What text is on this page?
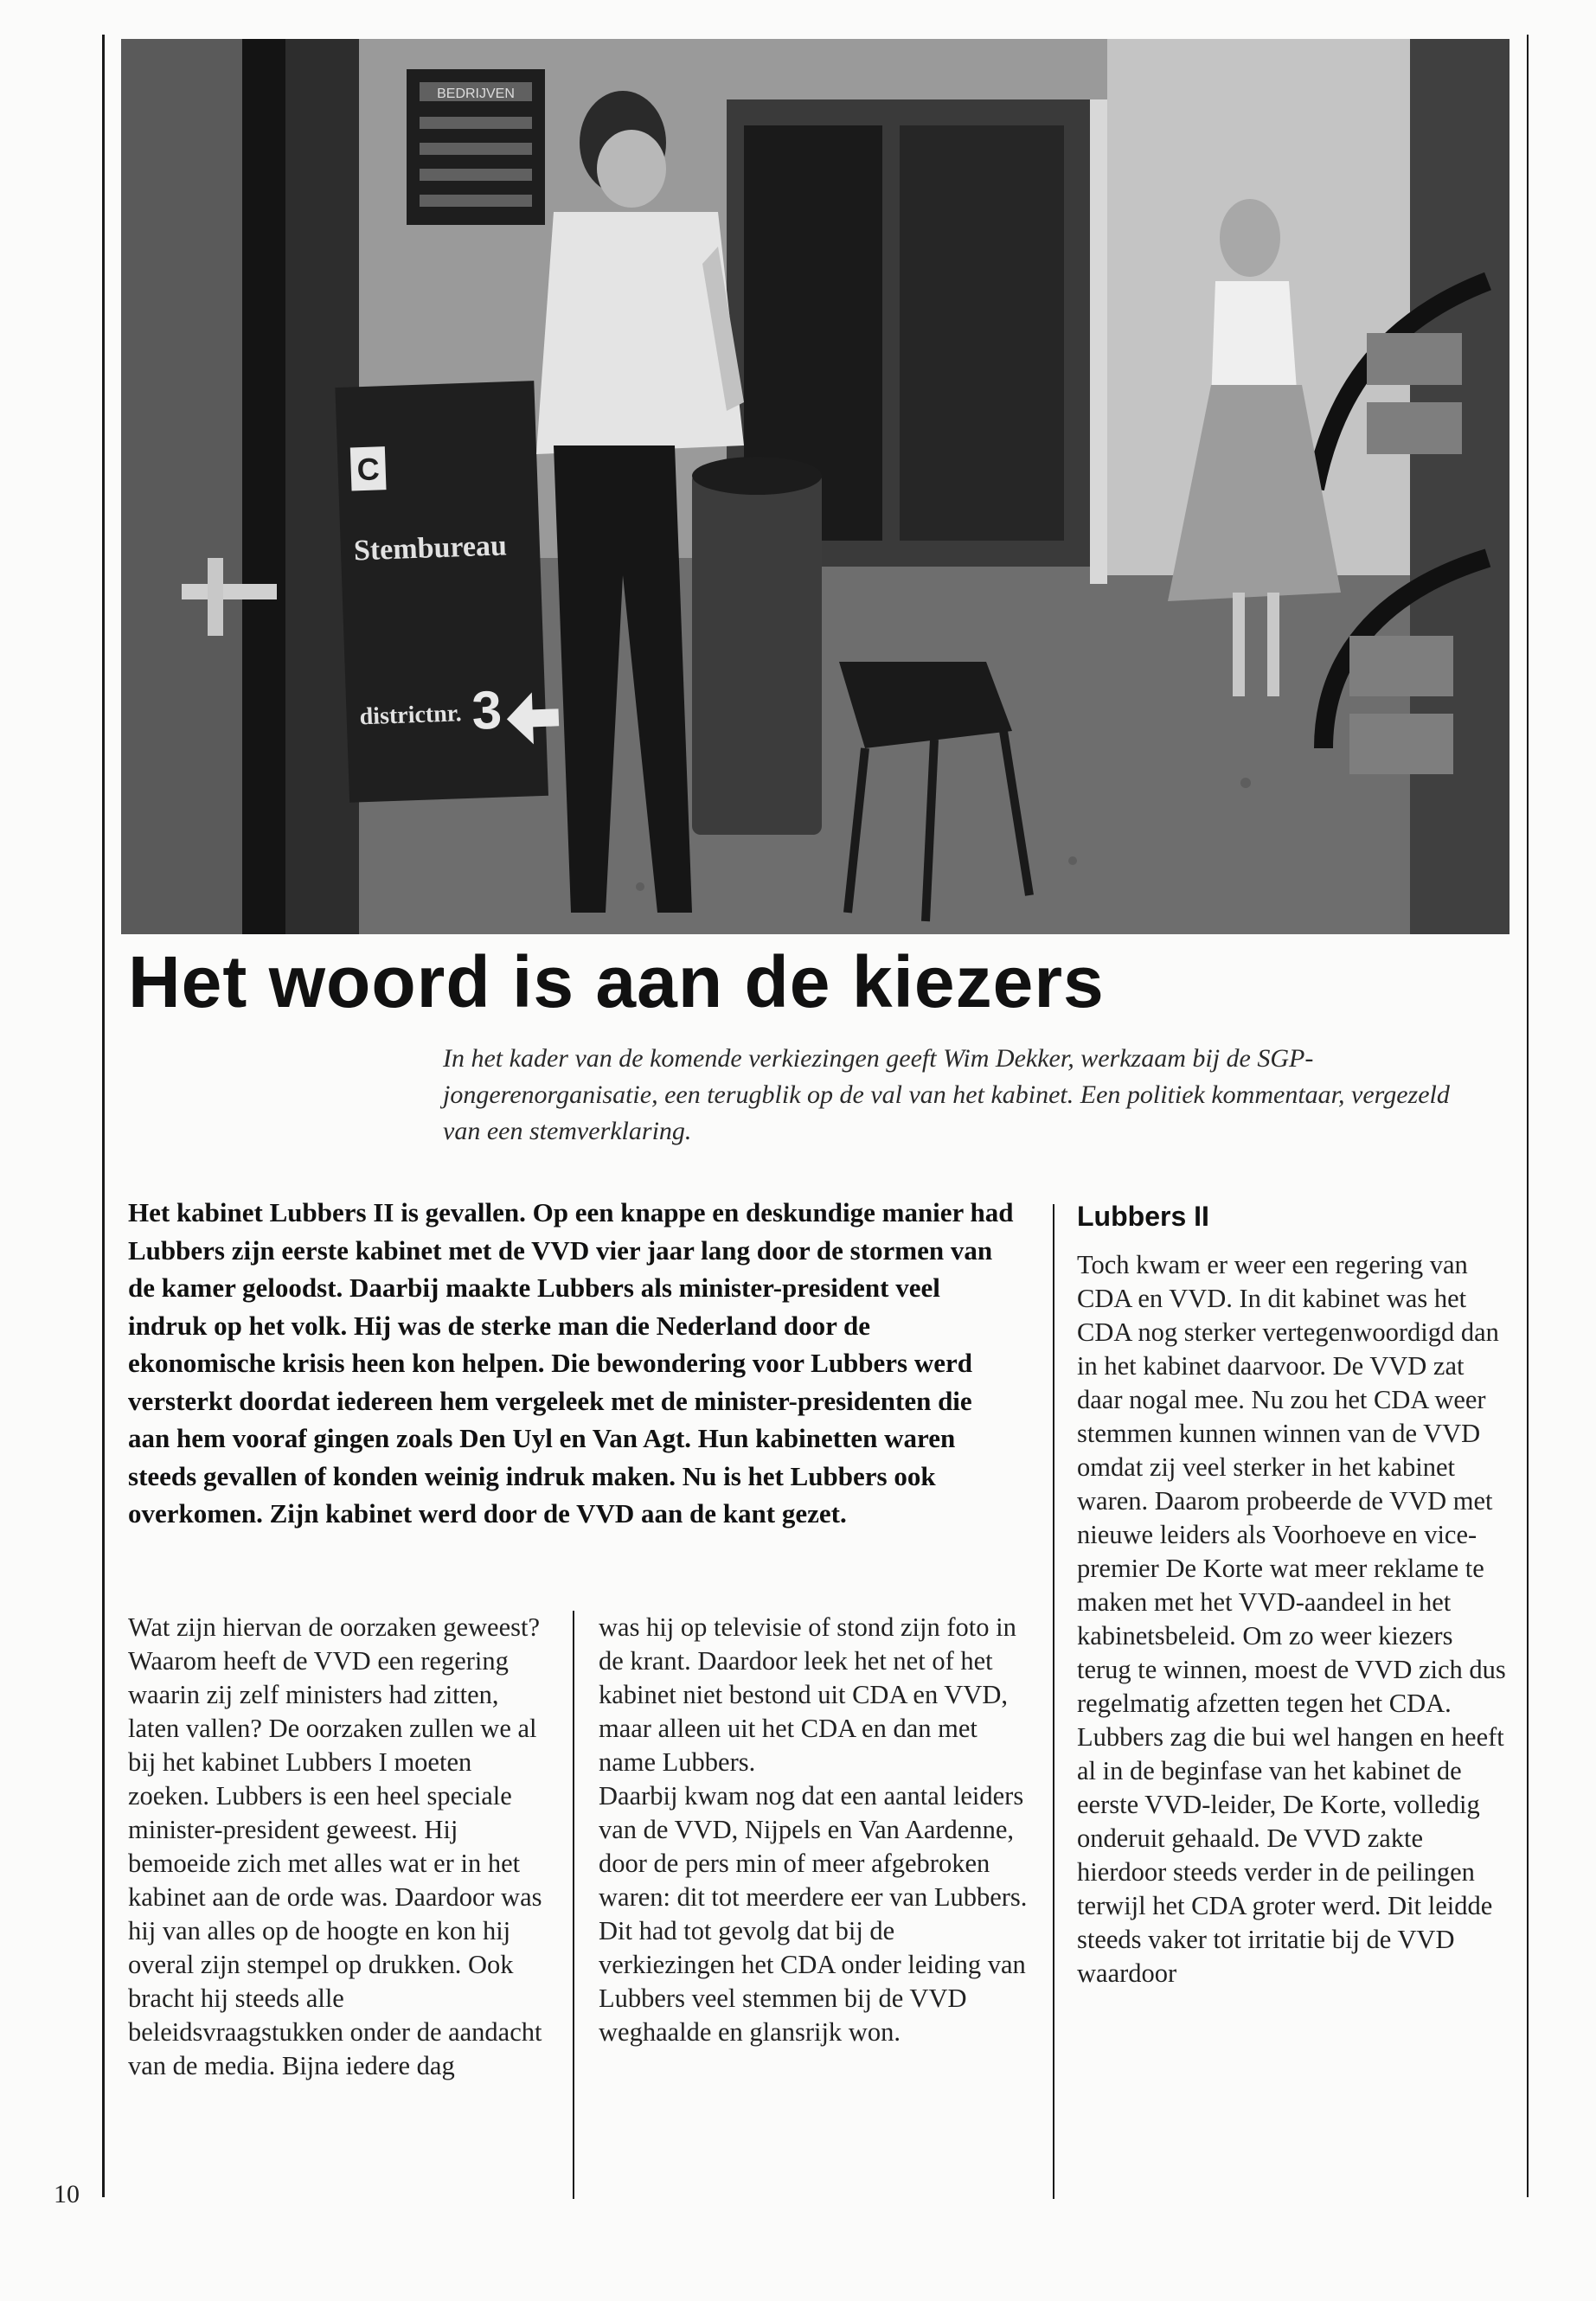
BEDRIJVEN
C
Stembureau
districtnr. 3
Het woord is aan de kiezers

In het kader van de komende verkiezingen geeft Wim Dekker, werkzaam bij de SGP-jongerenorganisatie, een terugblik op de val van het kabinet. Een politiek kommentaar, vergezeld van een stemverklaring.

Het kabinet Lubbers II is gevallen. Op een knappe en deskundige manier had Lubbers zijn eerste kabinet met de VVD vier jaar lang door de stormen van de kamer geloodst. Daarbij maakte Lubbers als minister-president veel indruk op het volk. Hij was de sterke man die Nederland door de ekonomische krisis heen kon helpen. Die bewondering voor Lubbers werd versterkt doordat iedereen hem vergeleek met de minister-presidenten die aan hem vooraf gingen zoals Den Uyl en Van Agt. Hun kabinetten waren steeds gevallen of konden weinig indruk maken. Nu is het Lubbers ook overkomen. Zijn kabinet werd door de VVD aan de kant gezet.

Wat zijn hiervan de oorzaken geweest? Waarom heeft de VVD een regering waarin zij zelf ministers had zitten, laten vallen? De oorzaken zullen we al bij het kabinet Lubbers I moeten zoeken. Lubbers is een heel speciale minister-president geweest. Hij bemoeide zich met alles wat er in het kabinet aan de orde was. Daardoor was hij van alles op de hoogte en kon hij overal zijn stempel op drukken. Ook bracht hij steeds alle beleidsvraagstukken onder de aandacht van de media. Bijna iedere dag

was hij op televisie of stond zijn foto in de krant. Daardoor leek het net of het kabinet niet bestond uit CDA en VVD, maar alleen uit het CDA en dan met name Lubbers.

Daarbij kwam nog dat een aantal leiders van de VVD, Nijpels en Van Aardenne, door de pers min of meer afgebroken waren: dit tot meerdere eer van Lubbers. Dit had tot gevolg dat bij de verkiezingen het CDA onder leiding van Lubbers veel stemmen bij de VVD weghaalde en glansrijk won.

Lubbers II

Toch kwam er weer een regering van CDA en VVD. In dit kabinet was het CDA nog sterker vertegenwoordigd dan in het kabinet daarvoor. De VVD zat daar nogal mee. Nu zou het CDA weer stemmen kunnen winnen van de VVD omdat zij veel sterker in het kabinet waren. Daarom probeerde de VVD met nieuwe leiders als Voorhoeve en vice-premier De Korte wat meer reklame te maken met het VVD-aandeel in het kabinetsbeleid. Om zo weer kiezers terug te winnen, moest de VVD zich dus regelmatig afzetten tegen het CDA. Lubbers zag die bui wel hangen en heeft al in de beginfase van het kabinet de eerste VVD-leider, De Korte, volledig onderuit gehaald. De VVD zakte hierdoor steeds verder in de peilingen terwijl het CDA groter werd. Dit leidde steeds vaker tot irritatie bij de VVD waardoor

10
